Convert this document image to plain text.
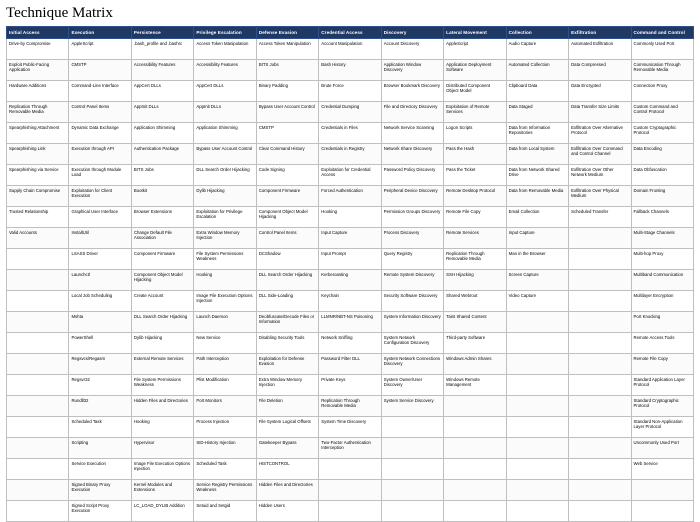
Technique Matrix
Initial Access	Execution	Persistence	Privilege Escalation	Defense Evasion	Credential Access	Discovery	Lateral Movement	Collection	Exfiltration	Command and Control
Drive-by Compromise	AppleScript	.bash_profile and .bashrc	Access Token Manipulation	Access Token Manipulation	Account Manipulation	Account Discovery	AppleScript	Audio Capture	Automated Exfiltration	Commonly Used Port
Exploit Public-Facing Application	CMSTP	Accessibility Features	Accessibility Features	BITS Jobs	Bash History	Application Window Discovery	Application Deployment Software	Automated Collection	Data Compressed	Communication Through Removable Media
Hardware Additions	Command-Line Interface	AppCert DLLs	AppCert DLLs	Binary Padding	Brute Force	Browser Bookmark Discovery	Distributed Component Object Model	Clipboard Data	Data Encrypted	Connection Proxy
Replication Through Removable Media	Control Panel Items	AppInit DLLs	AppInit DLLs	Bypass User Account Control	Credential Dumping	File and Directory Discovery	Exploitation of Remote Services	Data Staged	Data Transfer Size Limits	Custom Command and Control Protocol
Spearphishing Attachment	Dynamic Data Exchange	Application Shimming	Application Shimming	CMSTP	Credentials in Files	Network Service Scanning	Logon Scripts	Data from Information Repositories	Exfiltration Over Alternative Protocol	Custom Cryptographic Protocol
Spearphishing Link	Execution through API	Authentication Package	Bypass User Account Control	Clear Command History	Credentials in Registry	Network Share Discovery	Pass the Hash	Data from Local System	Exfiltration Over Command and Control Channel	Data Encoding
Spearphishing via Service	Execution through Module Load	BITS Jobs	DLL Search Order Hijacking	Code Signing	Exploitation for Credential Access	Password Policy Discovery	Pass the Ticket	Data from Network Shared Drive	Exfiltration Over Other Network Medium	Data Obfuscation
Supply Chain Compromise	Exploitation for Client Execution	Bootkit	Dylib Hijacking	Component Firmware	Forced Authentication	Peripheral Device Discovery	Remote Desktop Protocol	Data from Removable Media	Exfiltration Over Physical Medium	Domain Fronting
Trusted Relationship	Graphical User Interface	Browser Extensions	Exploitation for Privilege Escalation	Component Object Model Hijacking	Hooking	Permission Groups Discovery	Remote File Copy	Email Collection	Scheduled Transfer	Fallback Channels
Valid Accounts	InstallUtil	Change Default File Association	Extra Window Memory Injection	Control Panel Items	Input Capture	Process Discovery	Remote Services	Input Capture		Multi-Stage Channels
	LSASS Driver	Component Firmware	File System Permissions Weakness	DCShadow	Input Prompt	Query Registry	Replication Through Removable Media	Man in the Browser		Multi-hop Proxy
	Launchctl	Component Object Model Hijacking	Hooking	DLL Search Order Hijacking	Kerberoasting	Remote System Discovery	SSH Hijacking	Screen Capture		Multiband Communication
	Local Job Scheduling	Create Account	Image File Execution Options Injection	DLL Side-Loading	Keychain	Security Software Discovery	Shared Webroot	Video Capture		Multilayer Encryption
	Mshta	DLL Search Order Hijacking	Launch Daemon	Deobfuscate/Decode Files or Information	LLMNR/NBT-NS Poisoning	System Information Discovery	Taint Shared Content			Port Knocking
	PowerShell	Dylib Hijacking	New Service	Disabling Security Tools	Network Sniffing	System Network Configuration Discovery	Third-party Software			Remote Access Tools
	Regsvcs/Regasm	External Remote Services	Path Interception	Exploitation for Defense Evasion	Password Filter DLL	System Network Connections Discovery	Windows Admin Shares			Remote File Copy
	Regsvr32	File System Permissions Weakness	Plist Modification	Extra Window Memory Injection	Private Keys	System Owner/User Discovery	Windows Remote Management			Standard Application Layer Protocol
	Rundll32	Hidden Files and Directories	Port Monitors	File Deletion	Replication Through Removable Media	System Service Discovery				Standard Cryptographic Protocol
	Scheduled Task	Hooking	Process Injection	File System Logical Offsets	System Time Discovery					Standard Non-Application Layer Protocol
	Scripting	Hypervisor	SID-History Injection	Gatekeeper Bypass	Two-Factor Authentication Interception					Uncommonly Used Port
	Service Execution	Image File Execution Options Injection	Scheduled Task	HISTCONTROL						Web Service
	Signed Binary Proxy Execution	Kernel Modules and Extensions	Service Registry Permissions Weakness	Hidden Files and Directories						
	Signed Script Proxy Execution	LC_LOAD_DYLIB Addition	Setuid and Setgid	Hidden Users						
